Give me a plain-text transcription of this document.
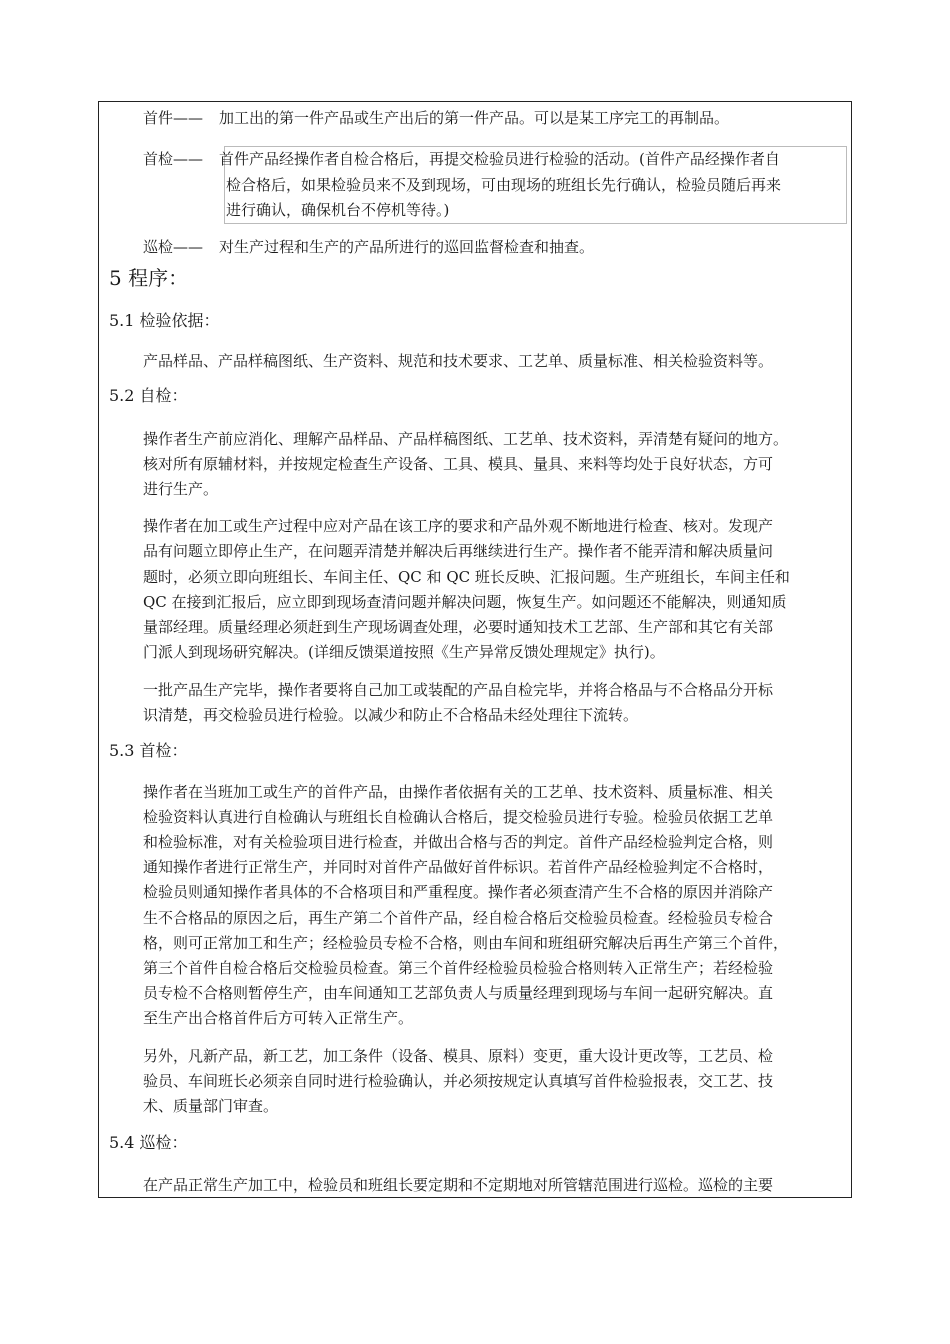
首件—— 加工出的第一件产品或生产出后的第一件产品。可以是某工序完工的再制品。
首检—— 首件产品经操作者自检合格后，再提交检验员进行检验的活动。(首件产品经操作者自
检合格后，如果检验员来不及到现场，可由现场的班组长先行确认，检验员随后再来
进行确认，确保机台不停机等待。)
巡检—— 对生产过程和生产的产品所进行的巡回监督检查和抽查。
5 程序：
5.1 检验依据：
产品样品、产品样稿图纸、生产资料、规范和技术要求、工艺单、质量标准、相关检验资料等。
5.2 自检：
操作者生产前应消化、理解产品样品、产品样稿图纸、工艺单、技术资料，弄清楚有疑问的地方。
核对所有原辅材料，并按规定检查生产设备、工具、模具、量具、来料等均处于良好状态，方可
进行生产。
操作者在加工或生产过程中应对产品在该工序的要求和产品外观不断地进行检查、核对。发现产
品有问题立即停止生产，在问题弄清楚并解决后再继续进行生产。操作者不能弄清和解决质量问
题时，必须立即向班组长、车间主任、QC 和 QC 班长反映、汇报问题。生产班组长，车间主任和
QC 在接到汇报后，应立即到现场查清问题并解决问题，恢复生产。如问题还不能解决，则通知质
量部经理。质量经理必须赶到生产现场调查处理，必要时通知技术工艺部、生产部和其它有关部
门派人到现场研究解决。(详细反馈渠道按照《生产异常反馈处理规定》执行)。
一批产品生产完毕，操作者要将自己加工或装配的产品自检完毕，并将合格品与不合格品分开标
识清楚，再交检验员进行检验。以减少和防止不合格品未经处理往下流转。
5.3 首检：
操作者在当班加工或生产的首件产品，由操作者依据有关的工艺单、技术资料、质量标准、相关
检验资料认真进行自检确认与班组长自检确认合格后，提交检验员进行专验。检验员依据工艺单
和检验标准，对有关检验项目进行检查，并做出合格与否的判定。首件产品经检验判定合格，则
通知操作者进行正常生产，并同时对首件产品做好首件标识。若首件产品经检验判定不合格时，
检验员则通知操作者具体的不合格项目和严重程度。操作者必须查清产生不合格的原因并消除产
生不合格品的原因之后，再生产第二个首件产品，经自检合格后交检验员检查。经检验员专检合
格，则可正常加工和生产；经检验员专检不合格，则由车间和班组研究解决后再生产第三个首件，
第三个首件自检合格后交检验员检查。第三个首件经检验员检验合格则转入正常生产；若经检验
员专检不合格则暂停生产，由车间通知工艺部负责人与质量经理到现场与车间一起研究解决。直
至生产出合格首件后方可转入正常生产。
另外，凡新产品，新工艺，加工条件（设备、模具、原料）变更，重大设计更改等，工艺员、检
验员、车间班长必须亲自同时进行检验确认，并必须按规定认真填写首件检验报表，交工艺、技
术、质量部门审查。
5.4 巡检：
在产品正常生产加工中，检验员和班组长要定期和不定期地对所管辖范围进行巡检。巡检的主要
